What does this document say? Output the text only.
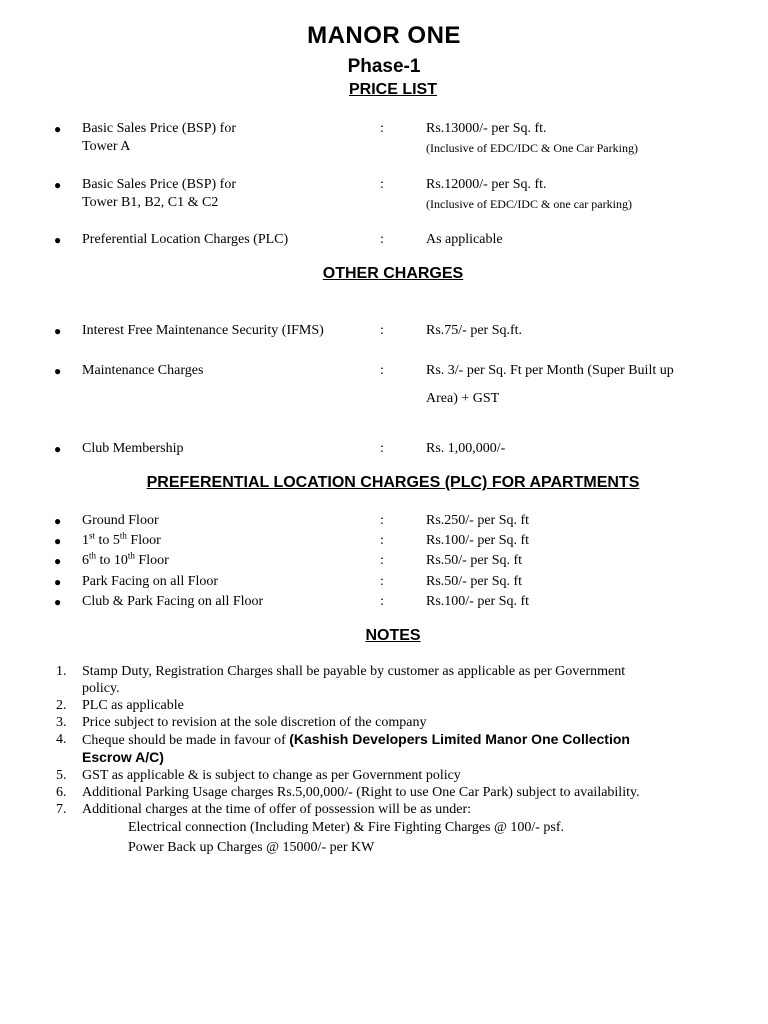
MANOR ONE
Phase-1
PRICE LIST
● Basic Sales Price (BSP) for
Tower A
:	Rs.13000/- per Sq. ft.
(Inclusive of EDC/IDC & One Car Parking)
● Basic Sales Price (BSP) for
Tower B1, B2, C1 & C2
:	Rs.12000/- per Sq. ft.
(Inclusive of EDC/IDC & one car parking)
● Preferential Location Charges (PLC)	:	As applicable
OTHER CHARGES
● Interest Free Maintenance Security (IFMS)	:	Rs.75/- per Sq.ft.
● Maintenance Charges	:	Rs. 3/- per Sq. Ft per Month (Super Built up
Area) + GST
● Club Membership	:	Rs. 1,00,000/-
PREFERENTIAL LOCATION CHARGES (PLC) FOR APARTMENTS
● Ground Floor	:	Rs.250/- per Sq. ft
● 1st to 5th Floor	:	Rs.100/- per Sq. ft
● 6th to 10th Floor	:	Rs.50/- per Sq. ft
● Park Facing on all Floor	:	Rs.50/- per Sq. ft
● Club & Park Facing on all Floor	:	Rs.100/- per Sq. ft
NOTES
1. Stamp Duty, Registration Charges shall be payable by customer as applicable as per Government
policy.
2. PLC as applicable
3. Price subject to revision at the sole discretion of the company
4. Cheque should be made in favour of (Kashish Developers Limited Manor One Collection
Escrow A/C)
5. GST as applicable & is subject to change as per Government policy
6. Additional Parking Usage charges Rs.5,00,000/- (Right to use One Car Park) subject to availability.
7. Additional charges at the time of offer of possession will be as under:
Electrical connection (Including Meter) & Fire Fighting Charges @ 100/- psf.
Power Back up Charges @ 15000/- per KW
